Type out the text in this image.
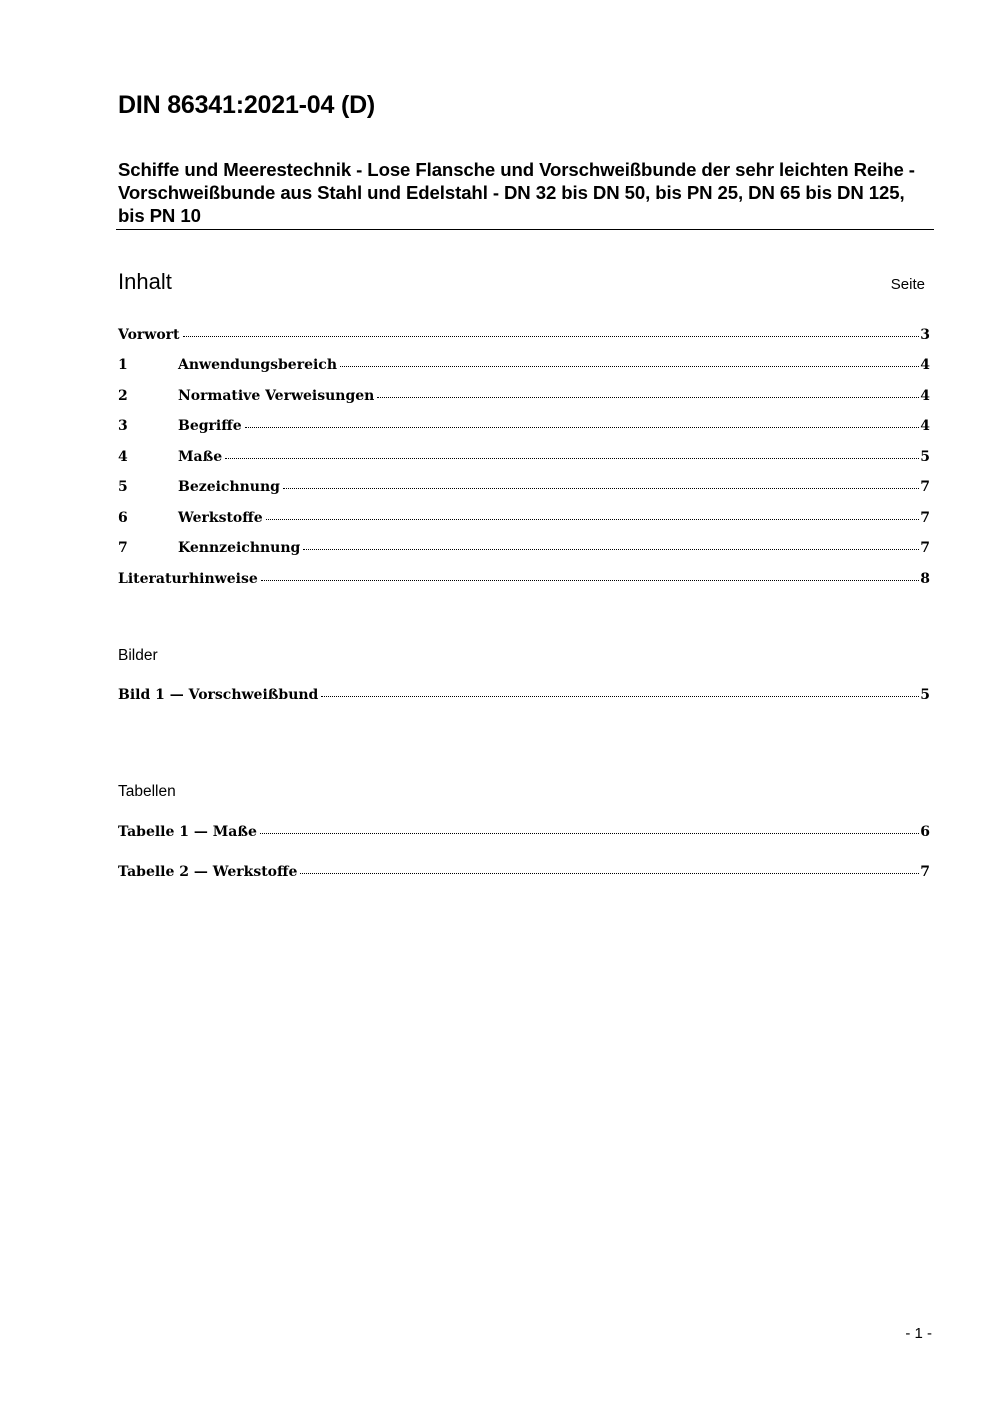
DIN 86341:2021-04 (D)
Schiffe und Meerestechnik - Lose Flansche und Vorschweißbunde der sehr leichten Reihe - Vorschweißbunde aus Stahl und Edelstahl - DN 32 bis DN 50, bis PN 25, DN 65 bis DN 125, bis PN 10
Inhalt	Seite
Vorwort	3
1	Anwendungsbereich	4
2	Normative Verweisungen	4
3	Begriffe	4
4	Maße	5
5	Bezeichnung	7
6	Werkstoffe	7
7	Kennzeichnung	7
Literaturhinweise	8
Bild 1 — Vorschweißbund	5
Tabelle 1 — Maße	6
Tabelle 2 — Werkstoffe	7
Bilder
Tabellen
- 1 -
